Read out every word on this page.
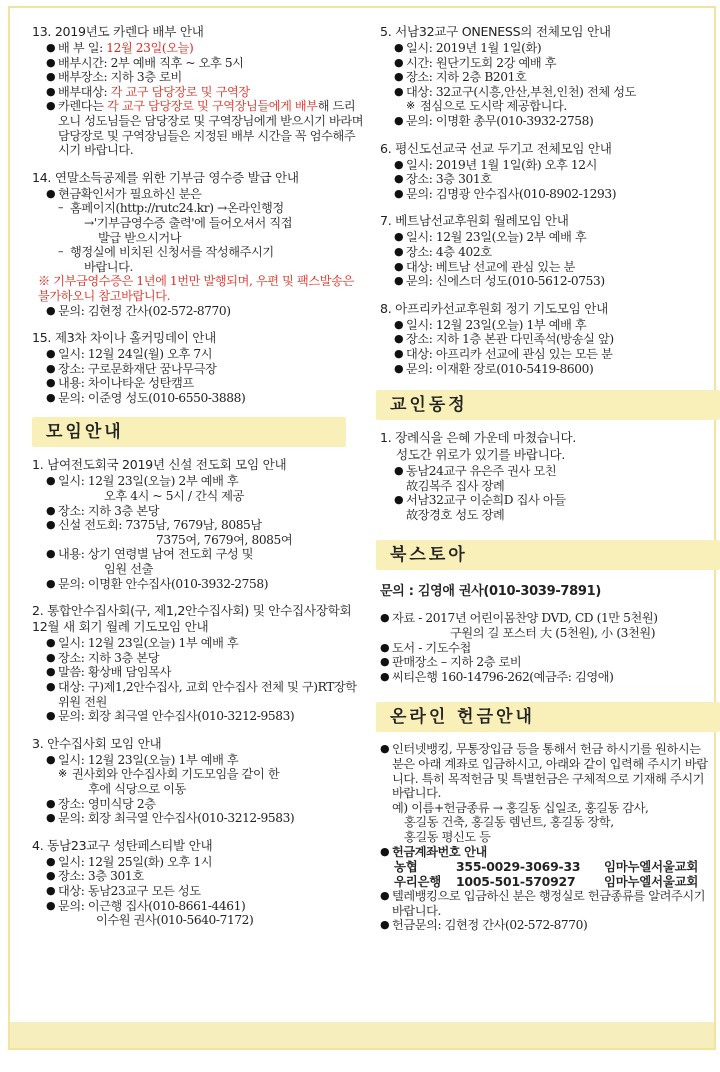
13. 2019년도 카렌다 배부 안내
● 배 부 일: 12월 23일(오늘)
● 배부시간: 2부 예배 직후 ~ 오후 5시
● 배부장소: 지하 3층 로비
● 배부대상: 각 교구 담당장로 및 구역장
● 카렌다는 각 교구 담당장로 및 구역장님들에게 배부해 드리오니 성도님들은 담당장로 및 구역장님에게 받으시기 바라며 담당장로 및 구역장님들은 지정된 배부 시간을 꼭 엄수해주시기 바랍니다.
14. 연말소득공제를 위한 기부금 영수증 발급 안내
● 현금확인서가 필요하신 분은
– 홈페이지(http://rutc24.kr) →온라인행정
→'기부금영수증 출력'에 들어오셔서 직접
발급 받으시거나
– 행정실에 비치된 신청서를 작성해주시기
바랍니다.
※ 기부금영수증은 1년에 1번만 발행되며, 우편 및 팩스발송은 불가하오니 참고바랍니다.
● 문의: 김현정 간사(02-572-8770)
15. 제3차 차이나 홀커밍데이 안내
● 일시: 12월 24일(월) 오후 7시
● 장소: 구로문화재단 꿈나무극장
● 내용: 차이나타운 성탄캠프
● 문의: 이준영 성도(010-6550-3888)
모임안내
1. 남여전도회국 2019년 신설 전도회 모임 안내
● 일시: 12월 23일(오늘) 2부 예배 후
오후 4시 ~ 5시 / 간식 제공
● 장소: 지하 3층 본당
● 신설 전도회: 7375남, 7679남, 8085남
7375여, 7679여, 8085여
● 내용: 상기 연령별 남여 전도회 구성 및
임원 선출
● 문의: 이명환 안수집사(010-3932-2758)
2. 통합안수집사회(구, 제1,2안수집사회) 및 안수집사장학회 12월 새 회기 월례 기도모임 안내
● 일시: 12월 23일(오늘) 1부 예배 후
● 장소: 지하 3층 본당
● 말씀: 황상배 담임목사
● 대상: 구)제1,2안수집사, 교회 안수집사 전체 및 구)RT장학위원 전원
● 문의: 회장 최극열 안수집사(010-3212-9583)
3. 안수집사회 모임 안내
● 일시: 12월 23일(오늘) 1부 예배 후
※ 권사회와 안수집사회 기도모임을 같이 한
후에 식당으로 이동
● 장소: 영미식당 2층
● 문의: 회장 최극열 안수집사(010-3212-9583)
4. 동남23교구 성탄페스티발 안내
● 일시: 12월 25일(화) 오후 1시
● 장소: 3층 301호
● 대상: 동남23교구 모든 성도
● 문의: 이근행 집사(010-8661-4461)
이수원 권사(010-5640-7172)
5. 서남32교구 ONENESS의 전체모임 안내
● 일시: 2019년 1월 1일(화)
● 시간: 원단기도회 2강 예배 후
● 장소: 지하 2층 B201호
● 대상: 32교구(시흥,안산,부천,인천) 전체 성도
※ 점심으로 도시락 제공합니다.
● 문의: 이명환 총무(010-3932-2758)
6. 평신도선교국 선교 두기고 전체모임 안내
● 일시: 2019년 1월 1일(화) 오후 12시
● 장소: 3층 301호
● 문의: 김명광 안수집사(010-8902-1293)
7. 베트남선교후원회 월례모임 안내
● 일시: 12월 23일(오늘) 2부 예배 후
● 장소: 4층 402호
● 대상: 베트남 선교에 관심 있는 분
● 문의: 신에스더 성도(010-5612-0753)
8. 아프리카선교후원회 정기 기도모임 안내
● 일시: 12월 23일(오늘) 1부 예배 후
● 장소: 지하 1층 본관 다민족석(방송실 앞)
● 대상: 아프리카 선교에 관심 있는 모든 분
● 문의: 이재환 장로(010-5419-8600)
교인동정
1. 장례식을 은혜 가운데 마쳤습니다.
성도간 위로가 있기를 바랍니다.
● 동남24교구 유은주 권사 모친
故김복주 집사 장례
● 서남32교구 이순희D 집사 아들
故장경호 성도 장례
북스토아
문의 : 김영애 권사(010-3039-7891)
● 자료 - 2017년 어린이몸찬양 DVD, CD (1만 5천원)
구원의 길 포스터 大 (5천원), 小 (3천원)
● 도서 - 기도수첩
● 판매장소 – 지하 2층 로비
● 씨티은행 160-14796-262(예금주: 김영애)
온라인 헌금안내
● 인터넷뱅킹, 무통장입금 등을 통해서 헌금 하시기를 원하시는 분은 아래 계좌로 입금하시고, 아래와 같이 입력해 주시기 바랍니다. 특히 목적헌금 및 특별헌금은 구체적으로 기재해 주시기 바랍니다.
예) 이름+헌금종류 → 홍길동 십일조, 홍길동 감사,
홍길동 건축, 홍길동 렘넌트, 홍길동 장학,
홍길동 평신도 등
● 헌금계좌번호 안내
농협	355-0029-3069-33 임마누엘서울교회
우리은행 1005-501-570927 임마누엘서울교회
● 텔레뱅킹으로 입금하신 분은 행정실로 헌금종류를 알려주시기 바랍니다.
● 헌금문의: 김현정 간사(02-572-8770)
